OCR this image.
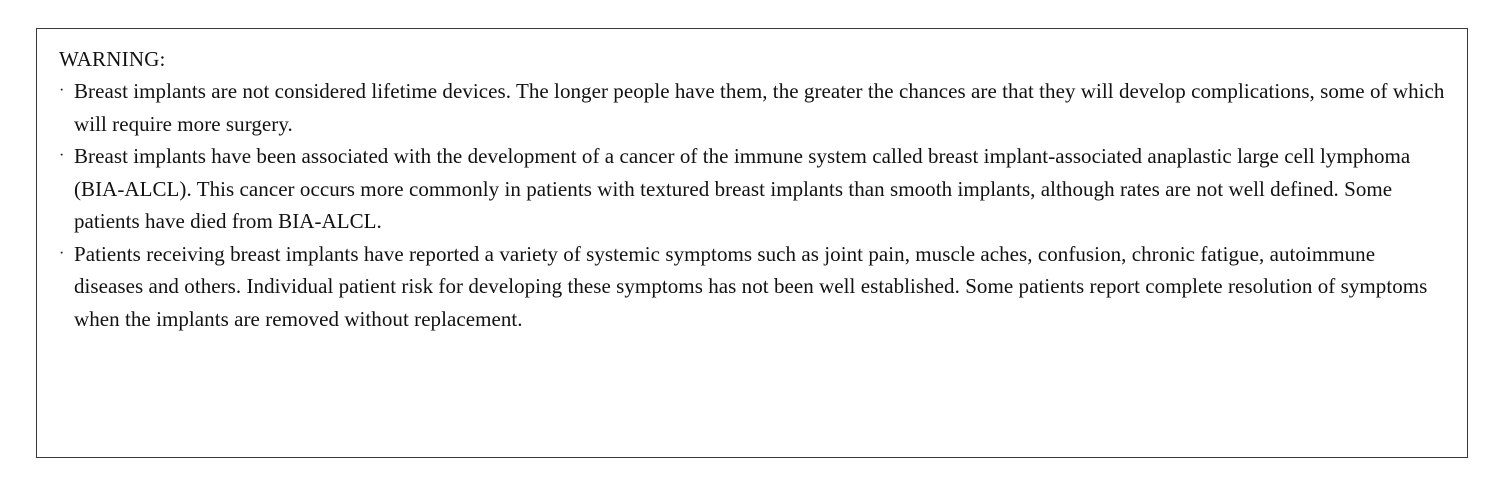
WARNING:
· Breast implants are not considered lifetime devices. The longer people have them, the greater the chances are that they will develop complications, some of which will require more surgery.
· Breast implants have been associated with the development of a cancer of the immune system called breast implant-associated anaplastic large cell lymphoma (BIA-ALCL). This cancer occurs more commonly in patients with textured breast implants than smooth implants, although rates are not well defined. Some patients have died from BIA-ALCL.
· Patients receiving breast implants have reported a variety of systemic symptoms such as joint pain, muscle aches, confusion, chronic fatigue, autoimmune diseases and others. Individual patient risk for developing these symptoms has not been well established. Some patients report complete resolution of symptoms when the implants are removed without replacement.
